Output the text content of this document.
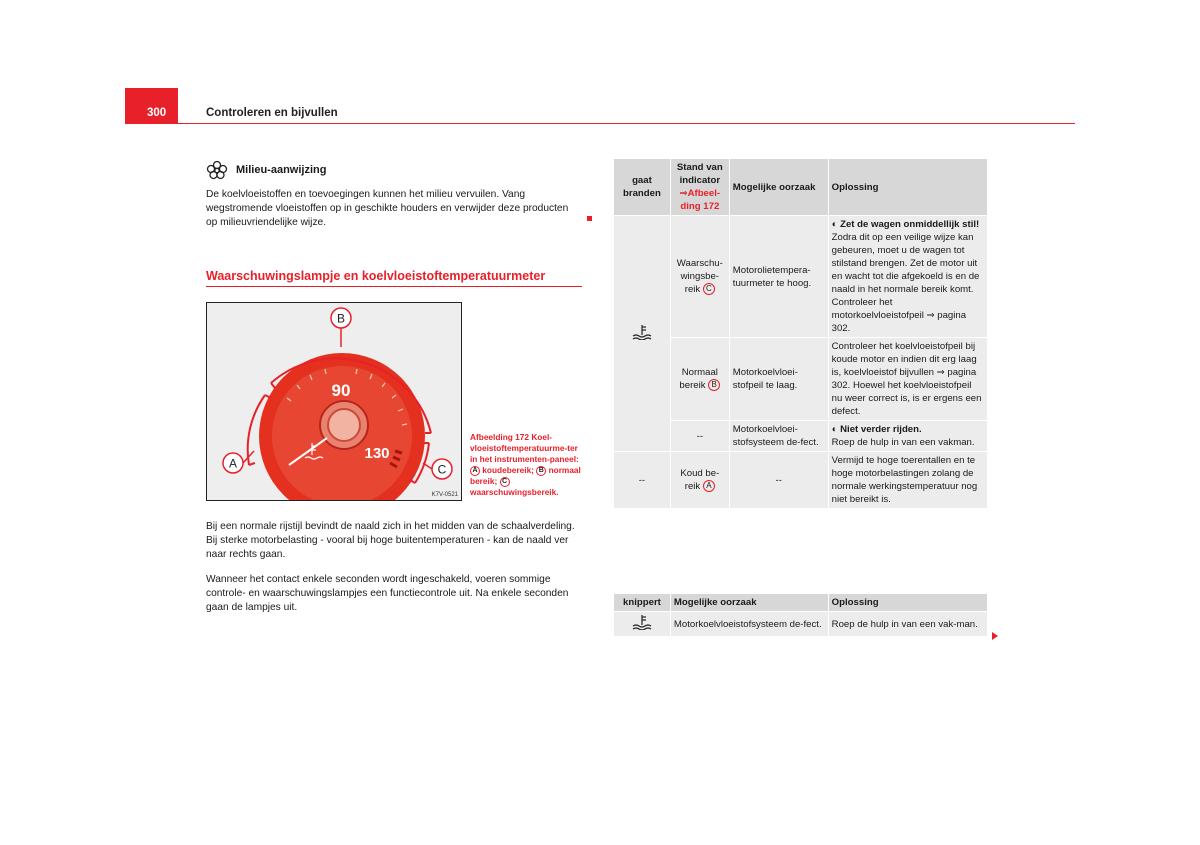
300	Controleren en bijvullen
Milieu-aanwijzing
De koelvloeistoffen en toevoegingen kunnen het milieu vervuilen. Vang wegstromende vloeistoffen op in geschikte houders en verwijder deze producten op milieuvriendelijke wijze.
Waarschuwingslampje en koelvloeistoftemperatuurmeter
90
130
B
A	C
K7V-0521
Afbeelding 172 Koel-vloeistoftemperatuurme-ter in het instrumenten-paneel: A koudebereik; B normaal bereik; C waarschuwingsbereik.
Bij een normale rijstijl bevindt de naald zich in het midden van de schaalverdeling. Bij sterke motorbelasting - vooral bij hoge buitentemperaturen - kan de naald ver naar rechts gaan.
Wanneer het contact enkele seconden wordt ingeschakeld, voeren sommige controle- en waarschuwingslampjes een functiecontrole uit. Na enkele seconden gaan de lampjes uit.
gaat branden	Stand van indicator ⇒Afbeel-ding 172	Mogelijke oorzaak	Oplossing
	Waarschu-wingsbe-reik C	Motorolietempera-tuurmeter te hoog.	◐ Zet de wagen onmiddellijk stil!
Zodra dit op een veilige wijze kan gebeuren, moet u de wagen tot stilstand brengen. Zet de motor uit en wacht tot die afgekoeld is en de naald in het normale bereik komt. Controleer het motorkoelvloeistofpeil ⇒ pagina 302.
	Normaal bereik B	Motorkoelvloei-stofpeil te laag.	Controleer het koelvloeistofpeil bij koude motor en indien dit erg laag is, koelvloeistof bijvullen ⇒ pagina 302. Hoewel het koelvloeistofpeil nu weer correct is, is er ergens een defect.
	--	Motorkoelvloei-stofsysteem de-fect.	◐ Niet verder rijden.
Roep de hulp in van een vakman.
--	Koud be-reik A	--	Vermijd te hoge toerentallen en te hoge motorbelastingen zolang de normale werkingstemperatuur nog niet bereikt is.
knippert	Mogelijke oorzaak	Oplossing
	Motorkoelvloeistofsysteem de-fect.	Roep de hulp in van een vak-man.
